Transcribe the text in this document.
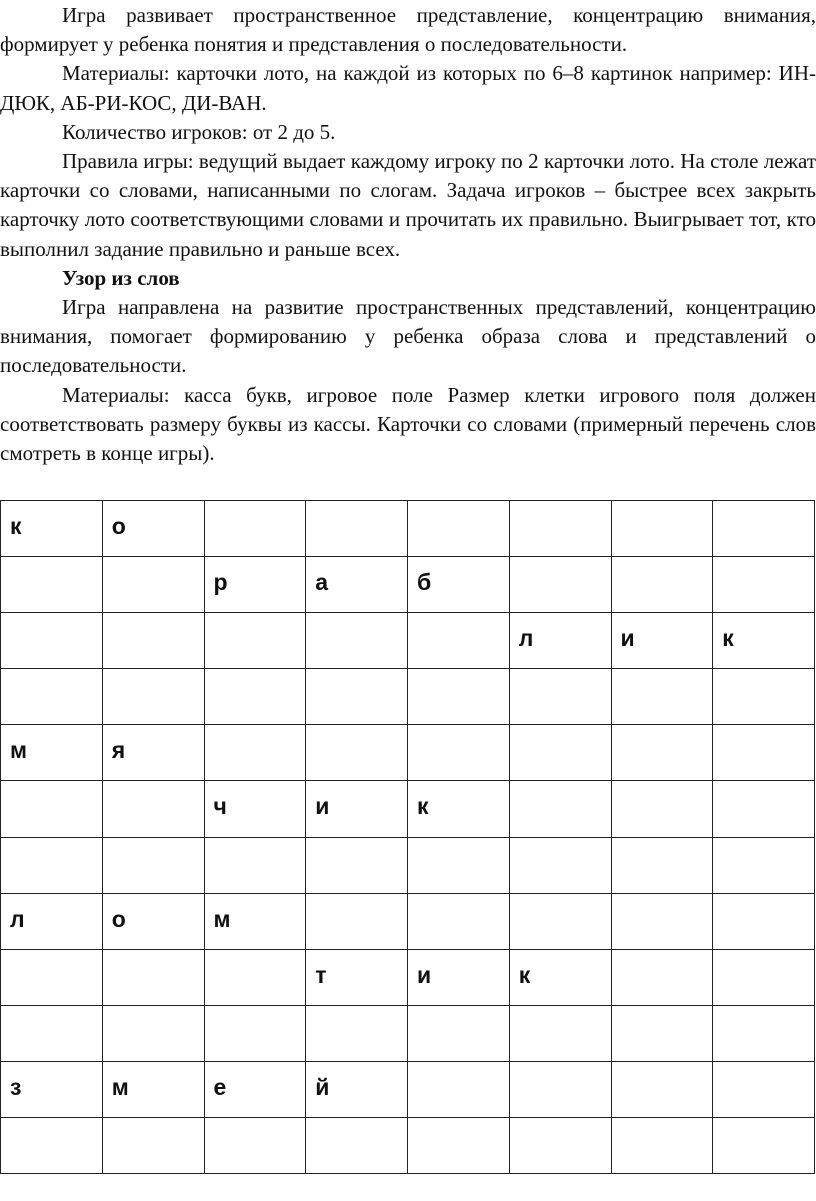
Игра развивает пространственное представление, концентрацию внимания, формирует у ребенка понятия и представления о последовательности.

Материалы: карточки лото, на каждой из которых по 6–8 картинок например: ИН-ДЮК, АБ-РИ-КОС, ДИ-ВАН.

Количество игроков: от 2 до 5.

Правила игры: ведущий выдает каждому игроку по 2 карточки лото. На столе лежат карточки со словами, написанными по слогам. Задача игроков – быстрее всех закрыть карточку лото соответствующими словами и прочитать их правильно. Выигрывает тот, кто выполнил задание правильно и раньше всех.

Узор из слов

Игра направлена на развитие пространственных представлений, концентрацию внимания, помогает формированию у ребенка образа слова и представлений о последовательности.

Материалы: касса букв, игровое поле Размер клетки игрового поля должен соответствовать размеру буквы из кассы. Карточки со словами (примерный перечень слов смотреть в конце игры).

к	о						

		р	а	б			

					л	и	к

м	я						

		ч	и	к			

л	о	м					

			т	и	к		

з	м	е	й				
